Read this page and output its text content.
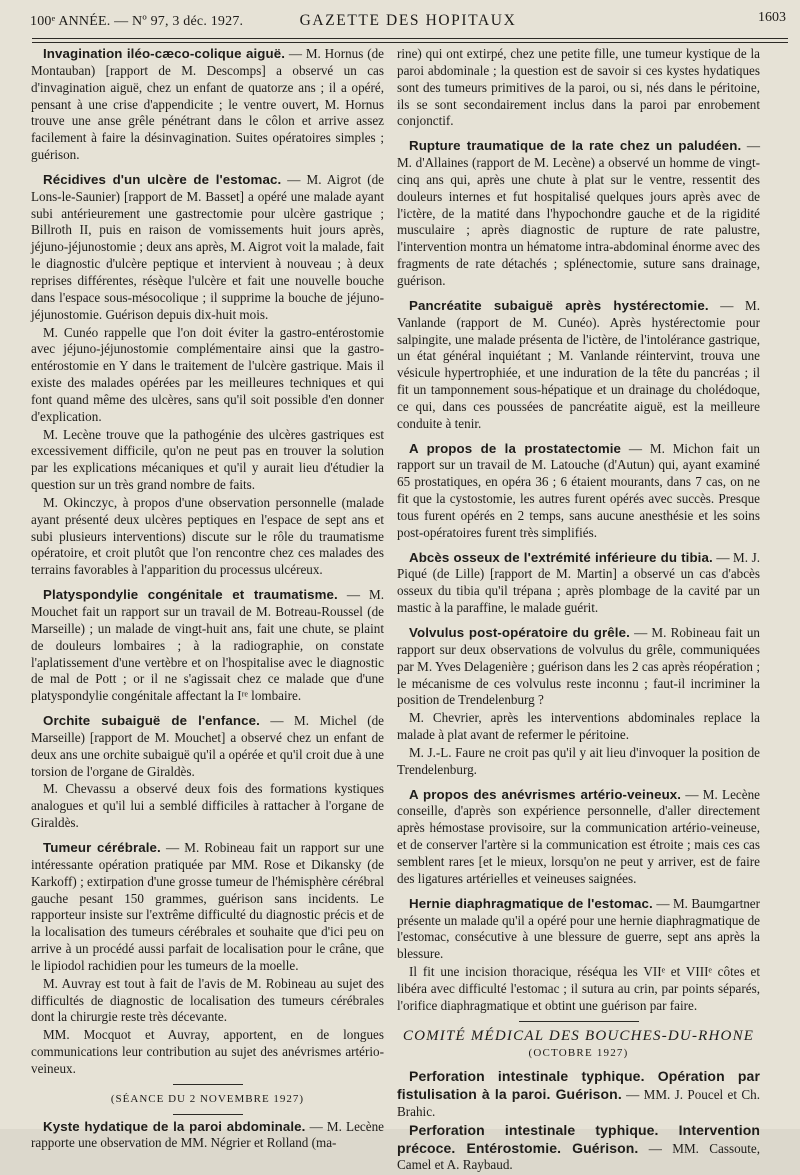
100ᵉ ANNÉE. — Nº 97, 3 déc. 1927.	GAZETTE DES HOPITAUX	1603

Invagination iléo-cæco-colique aiguë. — M. Hornus (de Montauban) [rapport de M. Descomps] a observé un cas d'invagination aiguë, chez un enfant de quatorze ans ; il a opéré, pensant à une crise d'appendicite ; le ventre ouvert, M. Hornus trouve une anse grêle pénétrant dans le côlon et arrive assez facilement à faire la désinvagination. Suites opératoires simples ; guérison.

Récidives d'un ulcère de l'estomac. — M. Aigrot (de Lons-le-Saunier) [rapport de M. Basset] a opéré une malade ayant subi antérieurement une gastrectomie pour ulcère gastrique ; Billroth II, puis en raison de vomissements huit jours après, jéjuno-jéjunostomie ; deux ans après, M. Aigrot voit la malade, fait le diagnostic d'ulcère peptique et intervient à nouveau ; à deux reprises différentes, résèque l'ulcère et fait une nouvelle bouche dans l'espace sous-mésocolique ; il supprime la bouche de jéjuno-jéjunostomie. Guérison depuis dix-huit mois.

M. Cunéo rappelle que l'on doit éviter la gastro-entérostomie avec jéjuno-jéjunostomie complémentaire ainsi que la gastro-entérostomie en Y dans le traitement de l'ulcère gastrique. Mais il existe des malades opérées par les meilleures techniques et qui font quand même des ulcères, sans qu'il soit possible d'en donner d'explication.

M. Lecène trouve que la pathogénie des ulcères gastriques est excessivement difficile, qu'on ne peut pas en trouver la solution par les explications mécaniques et qu'il y aurait lieu d'étudier la question sur un très grand nombre de faits.

M. Okinczyc, à propos d'une observation personnelle (malade ayant présenté deux ulcères peptiques en l'espace de sept ans et subi plusieurs interventions) discute sur le rôle du traumatisme opératoire, et croit plutôt que l'on rencontre chez ces malades des terrains favorables à l'apparition du processus ulcéreux.

Platyspondylie congénitale et traumatisme. — M. Mouchet fait un rapport sur un travail de M. Botreau-Roussel (de Marseille) ; un malade de vingt-huit ans, fait une chute, se plaint de douleurs lombaires ; à la radiographie, on constate l'aplatissement d'une vertèbre et on l'hospitalise avec le diagnostic de mal de Pott ; or il ne s'agissait chez ce malade que d'une platyspondylie congénitale affectant la Iʳᵉ lombaire.

Orchite subaiguë de l'enfance. — M. Michel (de Marseille) [rapport de M. Mouchet] a observé chez un enfant de deux ans une orchite subaiguë qu'il a opérée et qu'il croit due à une torsion de l'organe de Giraldès.

M. Chevassu a observé deux fois des formations kystiques analogues et qu'il lui a semblé difficiles à rattacher à l'organe de Giraldès.

Tumeur cérébrale. — M. Robineau fait un rapport sur une intéressante opération pratiquée par MM. Rose et Dikansky (de Karkoff) ; extirpation d'une grosse tumeur de l'hémisphère cérébral gauche pesant 150 grammes, guérison sans incidents. Le rapporteur insiste sur l'extrême difficulté du diagnostic précis et de la localisation des tumeurs cérébrales et souhaite que d'ici peu on arrive à un procédé aussi parfait de localisation pour le crâne, que le lipiodol rachidien pour les tumeurs de la moelle.

M. Auvray est tout à fait de l'avis de M. Robineau au sujet des difficultés de diagnostic de localisation des tumeurs cérébrales dont la chirurgie reste très décevante.

MM. Mocquot et Auvray, apportent, en de longues communications leur contribution au sujet des anévrismes artério-veineux.

(SÉANCE DU 2 NOVEMBRE 1927)

Kyste hydatique de la paroi abdominale. — M. Lecène rapporte une observation de MM. Négrier et Rolland (ma-

rine) qui ont extirpé, chez une petite fille, une tumeur kystique de la paroi abdominale ; la question est de savoir si ces kystes hydatiques sont des tumeurs primitives de la paroi, ou si, nés dans le péritoine, ils se sont secondairement inclus dans la paroi par enrobement conjonctif.

Rupture traumatique de la rate chez un paludéen. — M. d'Allaines (rapport de M. Lecène) a observé un homme de vingt-cinq ans qui, après une chute à plat sur le ventre, ressentit des douleurs internes et fut hospitalisé quelques jours après avec de l'ictère, de la matité dans l'hypochondre gauche et de la rigidité musculaire ; après diagnostic de rupture de rate palustre, l'intervention montra un hématome intra-abdominal énorme avec des fragments de rate détachés ; splénectomie, suture sans drainage, guérison.

Pancréatite subaiguë après hystérectomie. — M. Vanlande (rapport de M. Cunéo). Après hystérectomie pour salpingite, une malade présenta de l'ictère, de l'intolérance gastrique, un état général inquiétant ; M. Vanlande réintervint, trouva une vésicule hypertrophiée, et une induration de la tête du pancréas ; il fit un tamponnement sous-hépatique et un drainage du cholédoque, ce qui, dans ces poussées de pancréatite aiguë, est la meilleure conduite à tenir.

A propos de la prostatectomie — M. Michon fait un rapport sur un travail de M. Latouche (d'Autun) qui, ayant examiné 65 prostatiques, en opéra 36 ; 6 étaient mourants, dans 7 cas, on ne fit que la cystostomie, les autres furent opérés avec succès. Presque tous furent opérés en 2 temps, sans aucune anesthésie et les soins post-opératoires furent très simplifiés.

Abcès osseux de l'extrémité inférieure du tibia. — M. J. Piqué (de Lille) [rapport de M. Martin] a observé un cas d'abcès osseux du tibia qu'il trépana ; après plombage de la cavité par un mastic à la paraffine, le malade guérit.

Volvulus post-opératoire du grêle. — M. Robineau fait un rapport sur deux observations de volvulus du grêle, communiquées par M. Yves Delagenière ; guérison dans les 2 cas après réopération ; le mécanisme de ces volvulus reste inconnu ; faut-il incriminer la position de Trendelenburg ?

M. Chevrier, après les interventions abdominales replace la malade à plat avant de refermer le péritoine.

M. J.-L. Faure ne croit pas qu'il y ait lieu d'invoquer la position de Trendelenburg.

A propos des anévrismes artério-veineux. — M. Lecène conseille, d'après son expérience personnelle, d'aller directement après hémostase provisoire, sur la communication artério-veineuse, et de conserver l'artère si la communication est étroite ; mais ces cas semblent rares [et le mieux, lorsqu'on ne peut y arriver, est de faire des ligatures artérielles et veineuses saignées.

Hernie diaphragmatique de l'estomac. — M. Baumgartner présente un malade qu'il a opéré pour une hernie diaphragmatique de l'estomac, consécutive à une blessure de guerre, sept ans après la blessure.

Il fit une incision thoracique, réséqua les VIIᵉ et VIIIᵉ côtes et libéra avec difficulté l'estomac ; il sutura au crin, par points séparés, l'orifice diaphragmatique et obtint une guérison par faire.

COMITÉ MÉDICAL DES BOUCHES-DU-RHONE

(OCTOBRE 1927)

Perforation intestinale typhique. Opération par fistulisation à la paroi. Guérison. — MM. J. Poucel et Ch. Brahic.

Perforation intestinale typhique. Intervention précoce. Entérostomie. Guérison. — MM. Cassoute, Camel et A. Raybaud.
